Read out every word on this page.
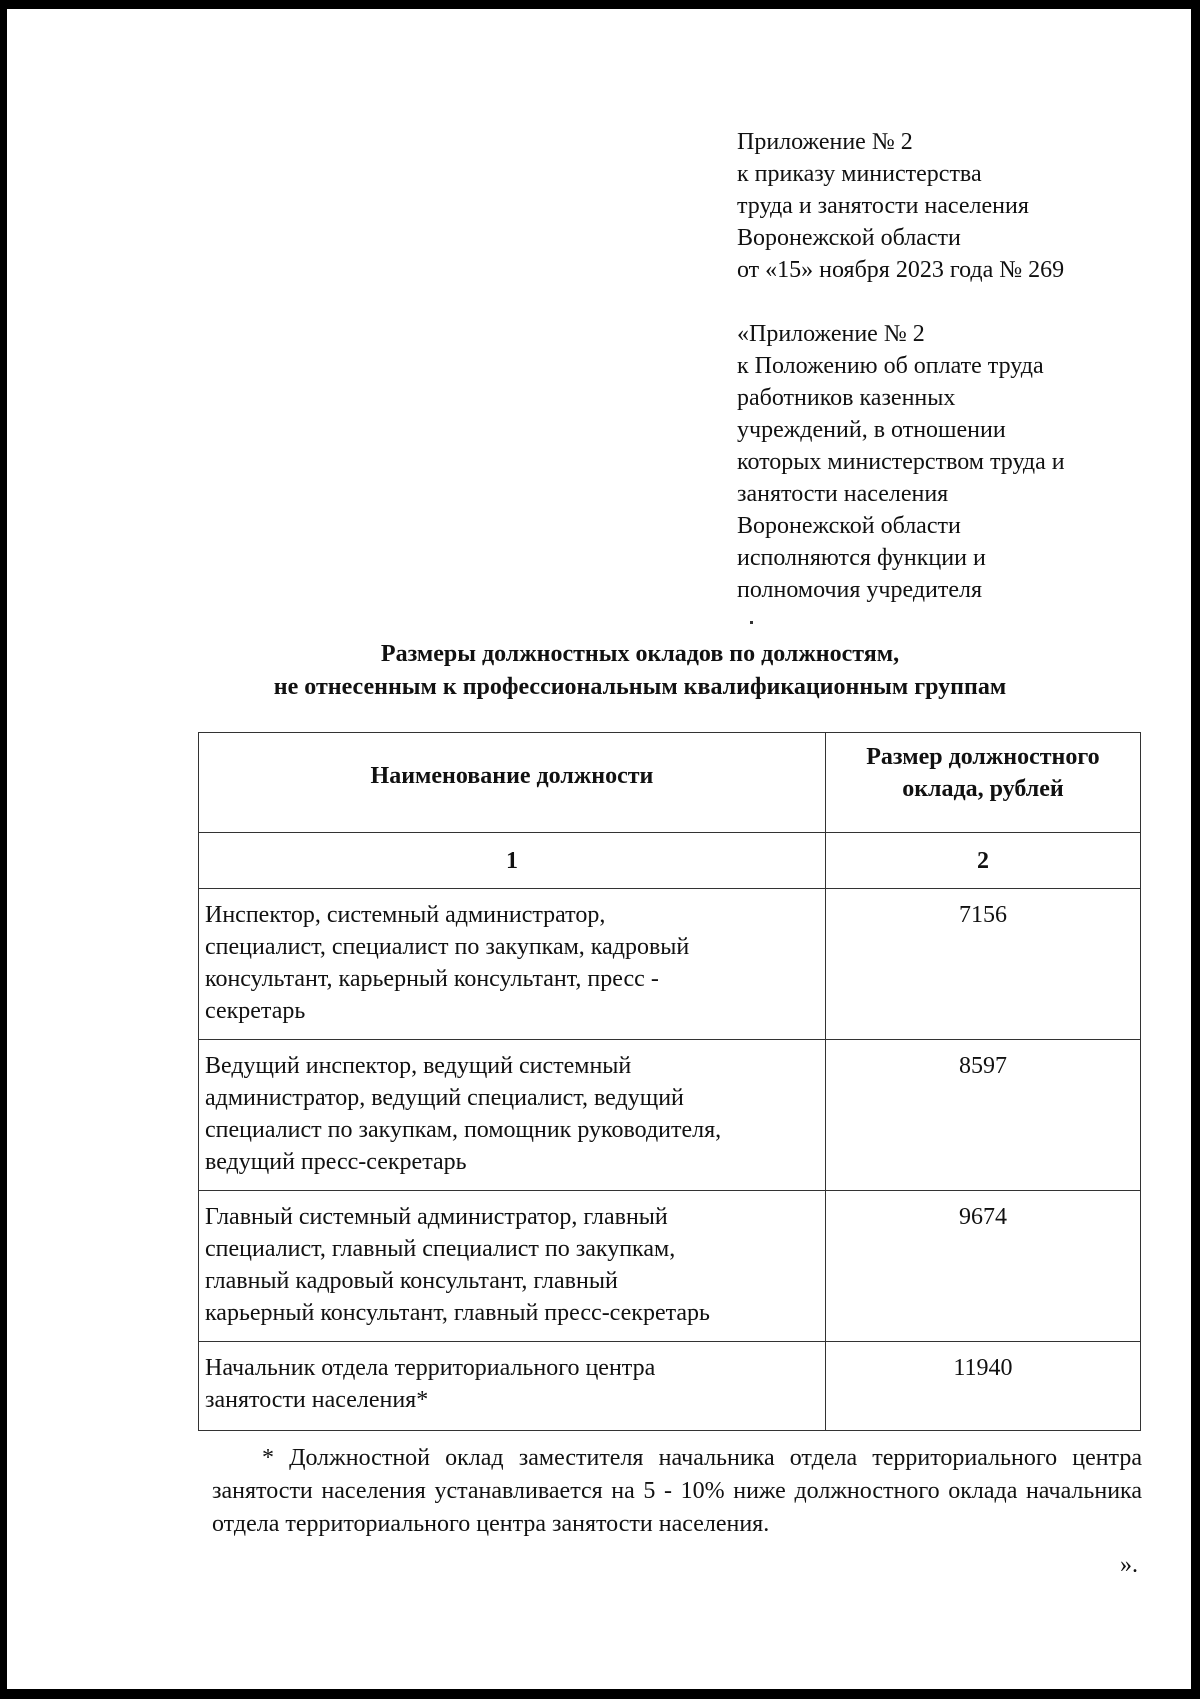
Приложение № 2
к приказу министерства
труда и занятости населения
Воронежской области
от «15» ноября 2023 года № 269
«Приложение № 2
к Положению об оплате труда
работников казенных
учреждений, в отношении
которых министерством труда и
занятости населения
Воронежской области
исполняются функции и
полномочия учредителя
Размеры должностных окладов по должностям,
не отнесенным к профессиональным квалификационным группам
Наименование должности	Размер должностного
оклада, рублей

1	2

Инспектор, системный администратор,
специалист, специалист по закупкам, кадровый
консультант, карьерный консультант, пресс -
секретарь	7156

Ведущий инспектор, ведущий системный
администратор, ведущий специалист, ведущий
специалист по закупкам, помощник руководителя,
ведущий пресс-секретарь	8597

Главный системный администратор, главный
специалист, главный специалист по закупкам,
главный кадровый консультант, главный
карьерный консультант, главный пресс-секретарь	9674

Начальник отдела территориального центра
занятости населения*	11940
* Должностной оклад заместителя начальника отдела территориального центра занятости населения устанавливается на 5 - 10% ниже должностного оклада начальника отдела территориального центра занятости населения.
».
